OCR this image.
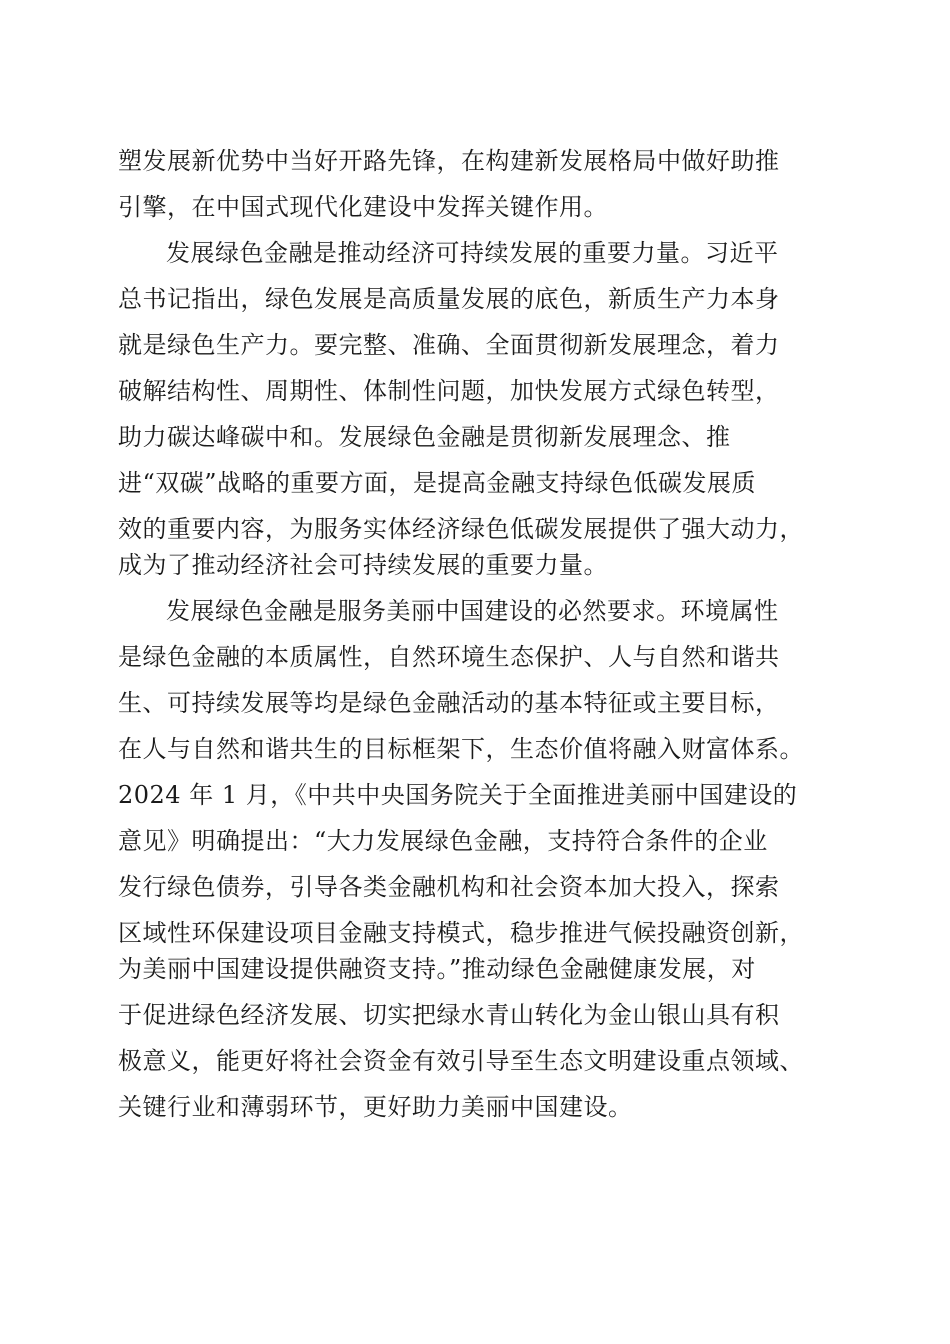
塑发展新优势中当好开路先锋，在构建新发展格局中做好助推
引擎，在中国式现代化建设中发挥关键作用。
发展绿色金融是推动经济可持续发展的重要力量。习近平
总书记指出，绿色发展是高质量发展的底色，新质生产力本身
就是绿色生产力。要完整、准确、全面贯彻新发展理念，着力
破解结构性、周期性、体制性问题，加快发展方式绿色转型，
助力碳达峰碳中和。发展绿色金融是贯彻新发展理念、推
进“双碳”战略的重要方面，是提高金融支持绿色低碳发展质
效的重要内容，为服务实体经济绿色低碳发展提供了强大动力，
成为了推动经济社会可持续发展的重要力量。
发展绿色金融是服务美丽中国建设的必然要求。环境属性
是绿色金融的本质属性，自然环境生态保护、人与自然和谐共
生、可持续发展等均是绿色金融活动的基本特征或主要目标，
在人与自然和谐共生的目标框架下，生态价值将融入财富体系。
2024 年 1 月，《中共中央国务院关于全面推进美丽中国建设的
意见》明确提出：“大力发展绿色金融，支持符合条件的企业
发行绿色债券，引导各类金融机构和社会资本加大投入，探索
区域性环保建设项目金融支持模式，稳步推进气候投融资创新，
为美丽中国建设提供融资支持。”推动绿色金融健康发展，对
于促进绿色经济发展、切实把绿水青山转化为金山银山具有积
极意义，能更好将社会资金有效引导至生态文明建设重点领域、
关键行业和薄弱环节，更好助力美丽中国建设。
